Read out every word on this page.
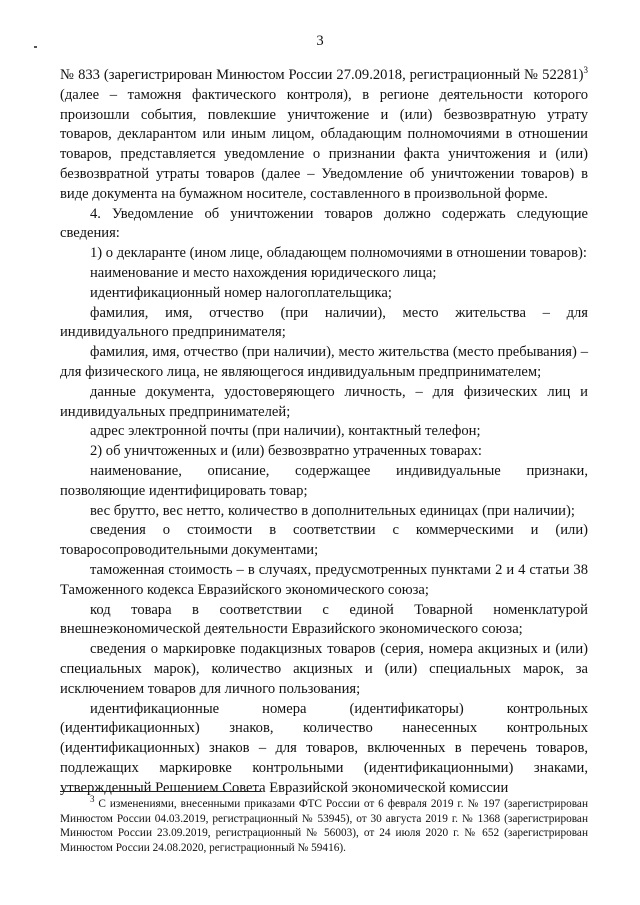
3

№ 833 (зарегистрирован Минюстом России 27.09.2018, регистрационный № 52281)$^3$ (далее – таможня фактического контроля), в регионе деятельности которого произошли события, повлекшие уничтожение и (или) безвозвратную утрату товаров, декларантом или иным лицом, обладающим полномочиями в отношении товаров, представляется уведомление о признании факта уничтожения и (или) безвозвратной утраты товаров (далее – Уведомление об уничтожении товаров) в виде документа на бумажном носителе, составленного в произвольной форме.

4. Уведомление об уничтожении товаров должно содержать следующие сведения:

1) о декларанте (ином лице, обладающем полномочиями в отношении товаров):

наименование и место нахождения юридического лица;

идентификационный номер налогоплательщика;

фамилия, имя, отчество (при наличии), место жительства – для индивидуального предпринимателя;

фамилия, имя, отчество (при наличии), место жительства (место пребывания) – для физического лица, не являющегося индивидуальным предпринимателем;

данные документа, удостоверяющего личность, – для физических лиц и индивидуальных предпринимателей;

адрес электронной почты (при наличии), контактный телефон;

2) об уничтоженных и (или) безвозвратно утраченных товарах:

наименование, описание, содержащее индивидуальные признаки, позволяющие идентифицировать товар;

вес брутто, вес нетто, количество в дополнительных единицах (при наличии);

сведения о стоимости в соответствии с коммерческими и (или) товаросопроводительными документами;

таможенная стоимость – в случаях, предусмотренных пунктами 2 и 4 статьи 38 Таможенного кодекса Евразийского экономического союза;

код товара в соответствии с единой Товарной номенклатурой внешнеэкономической деятельности Евразийского экономического союза;

сведения о маркировке подакцизных товаров (серия, номера акцизных и (или) специальных марок), количество акцизных и (или) специальных марок, за исключением товаров для личного пользования;

идентификационные номера (идентификаторы) контрольных (идентификационных) знаков, количество нанесенных контрольных (идентификационных) знаков – для товаров, включенных в перечень товаров, подлежащих маркировке контрольными (идентификационными) знаками, утвержденный Решением Совета Евразийской экономической комиссии

$^3$ С изменениями, внесенными приказами ФТС России от 6 февраля 2019 г. № 197 (зарегистрирован Минюстом России 04.03.2019, регистрационный № 53945), от 30 августа 2019 г. № 1368 (зарегистрирован Минюстом России 23.09.2019, регистрационный № 56003), от 24 июля 2020 г. № 652 (зарегистрирован Минюстом России 24.08.2020, регистрационный № 59416).
